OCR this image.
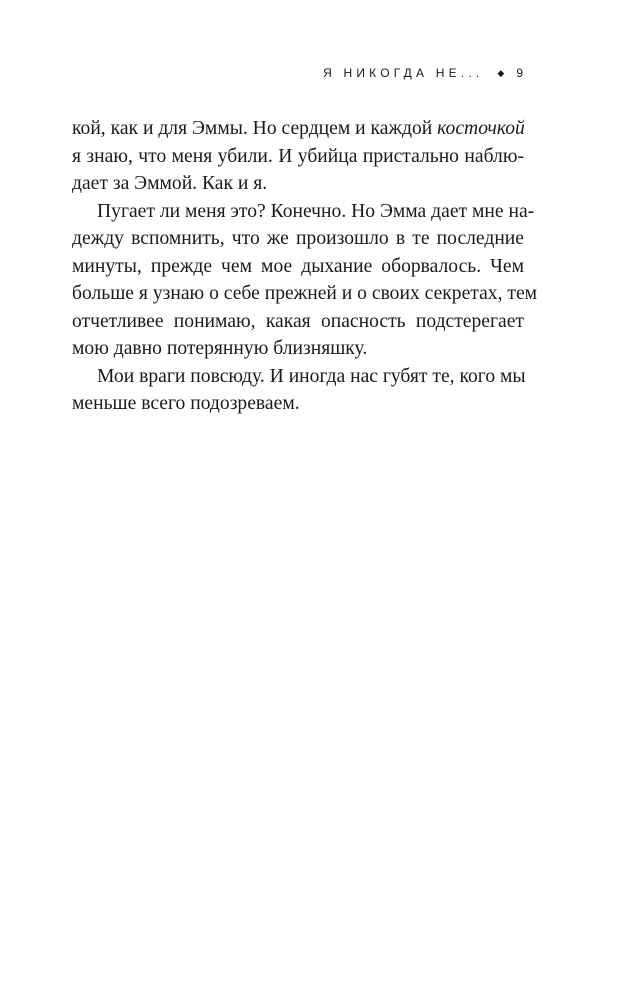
Я НИКОГДА НЕ... ◆ 9
кой, как и для Эммы. Но сердцем и каждой косточкой
я знаю, что меня убили. И убийца пристально наблю-
дает за Эммой. Как и я.
Пугает ли меня это? Конечно. Но Эмма дает мне на-
дежду вспомнить, что же произошло в те последние
минуты, прежде чем мое дыхание оборвалось. Чем
больше я узнаю о себе прежней и о своих секретах, тем
отчетливее понимаю, какая опасность подстерегает
мою давно потерянную близняшку.
Мои враги повсюду. И иногда нас губят те, кого мы
меньше всего подозреваем.
